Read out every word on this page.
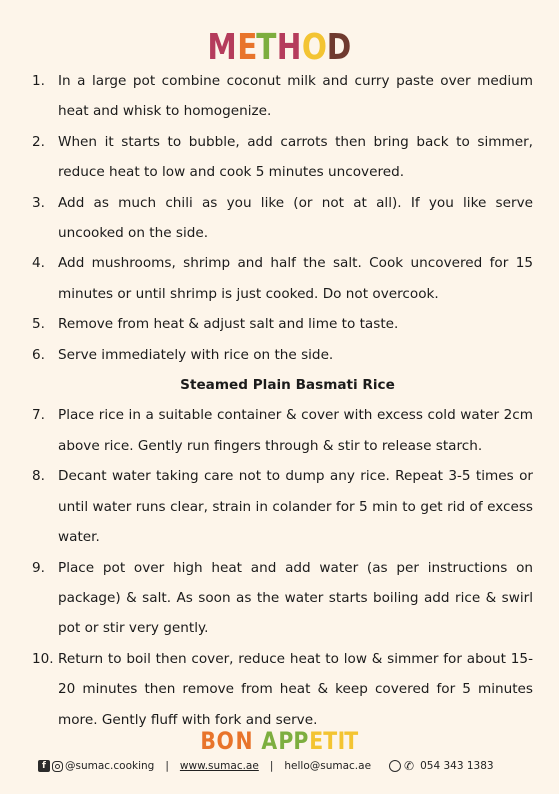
METHOD
1. In a large pot combine coconut milk and curry paste over medium heat and whisk to homogenize.
2. When it starts to bubble, add carrots then bring back to simmer, reduce heat to low and cook 5 minutes uncovered.
3. Add as much chili as you like (or not at all). If you like serve uncooked on the side.
4. Add mushrooms, shrimp and half the salt. Cook uncovered for 15 minutes or until shrimp is just cooked. Do not overcook.
5. Remove from heat & adjust salt and lime to taste.
6. Serve immediately with rice on the side.
Steamed Plain Basmati Rice
7. Place rice in a suitable container & cover with excess cold water 2cm above rice. Gently run fingers through & stir to release starch.
8. Decant water taking care not to dump any rice. Repeat 3-5 times or until water runs clear, strain in colander for 5 min to get rid of excess water.
9. Place pot over high heat and add water (as per instructions on package) & salt. As soon as the water starts boiling add rice & swirl pot or stir very gently.
10. Return to boil then cover, reduce heat to low & simmer for about 15-20 minutes then remove from heat & keep covered for 5 minutes more. Gently fluff with fork and serve.
BON APPETIT
f	@sumac.cooking | www.sumac.ae | hello@sumac.ae	✆ 054 343 1383
